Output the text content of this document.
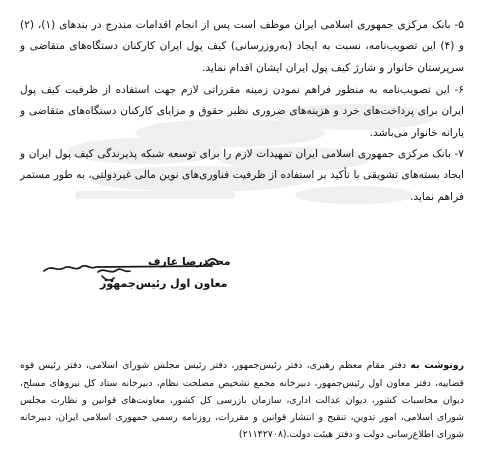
۵- بانک مرکزی جمهوری اسلامی ایران موظف است پس از انجام اقدامات مندرج در بندهای (۱)، (۲) و (۴) این تصویب‌نامه، نسبت به ایجاد (به‌روزرسانی) کیف پول ایران کارکنان دستگاه‌های متقاضی و سرپرستان خانوار و شارژ کیف پول ایران ایشان اقدام نماید.

۶- این تصویب‌نامه به منظور فراهم نمودن زمینه مقرراتی لازم جهت استفاده از ظرفیت کیف پول ایران برای پرداخت‌های خرد و هزینه‌های ضروری نظیر حقوق و مزایای کارکنان دستگاه‌های متقاضی و یارانه خانوار می‌باشد.

۷- بانک مرکزی جمهوری اسلامی ایران تمهیدات لازم را برای توسعه شبکه پذیرندگی کیف پول ایران و ایجاد بسته‌های تشویقی با تأکید بر استفاده از ظرفیت فناوری‌های نوین مالی غیردولتی، به طور مستمر فراهم نماید.

محمدرضا عارف
معاون اول رئیس‌جمهور

رونوشت به دفتر مقام معظم رهبری، دفتر رئیس‌جمهور، دفتر رئیس مجلس شورای اسلامی، دفتر رئیس قوه قضاییه، دفتر معاون اول رئیس‌جمهور، دبیرخانه مجمع تشخیص مصلحت نظام، دبیرخانه ستاد کل نیروهای مسلح، دیوان محاسبات کشور، دیوان عدالت اداری، سازمان بازرسی کل کشور، معاونت‌های قوانین و نظارت مجلس شورای اسلامی، امور تدوین، تنقیح و انتشار قوانین و مقررات، روزنامه رسمی جمهوری اسلامی ایران، دبیرخانه شورای اطلاع‌رسانی دولت و دفتر هیئت دولت.(۲۱۱۴۲۷۰۸)
